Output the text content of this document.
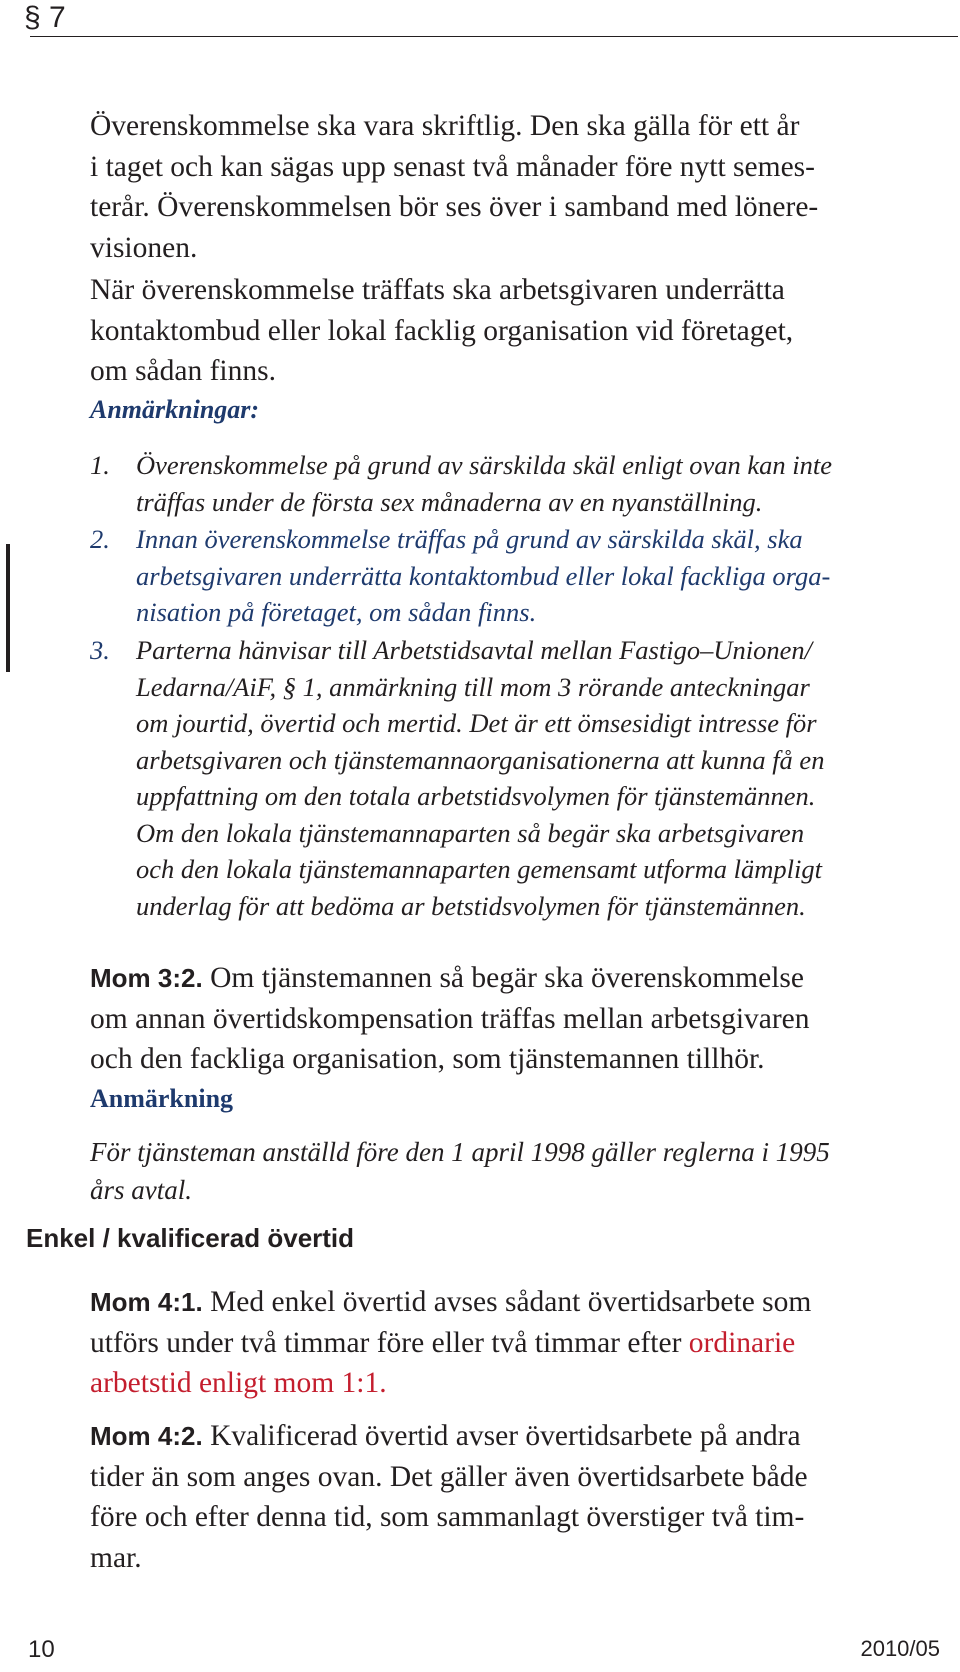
§ 7
Överenskommelse ska vara skriftlig. Den ska gälla för ett år
i taget och kan sägas upp senast två månader före nytt semes-
terår. Överenskommelsen bör ses över i samband med lönere-
visionen.
När överenskommelse träffats ska arbetsgivaren underrätta
kontaktombud eller lokal facklig organisation vid företaget,
om sådan finns.
Anmärkningar:
1. Överenskommelse på grund av särskilda skäl enligt ovan kan inte
träffas under de första sex månaderna av en nyanställning.
2. Innan överenskommelse träffas på grund av särskilda skäl, ska
arbetsgivaren underrätta kontaktombud eller lokal fackliga orga-
nisation på företaget, om sådan finns.
3. Parterna hänvisar till Arbetstidsavtal mellan Fastigo–Unionen/
Ledarna/AiF, § 1, anmärkning till mom 3 rörande anteckningar
om jourtid, övertid och mertid. Det är ett ömsesidigt intresse för
arbetsgivaren och tjänstemannaorganisationerna att kunna få en
uppfattning om den totala arbetstidsvolymen för tjänstemännen.
Om den lokala tjänstemannaparten så begär ska arbetsgivaren
och den lokala tjänstemannaparten gemensamt utforma lämpligt
underlag för att bedöma ar betstidsvolymen för tjänstemännen.
Mom 3:2. Om tjänstemannen så begär ska överenskommelse
om annan övertidskompensation träffas mellan arbetsgivaren
och den fackliga organisation, som tjänstemannen tillhör.
Anmärkning
För tjänsteman anställd före den 1 april 1998 gäller reglerna i 1995
års avtal.
Enkel / kvalificerad övertid
Mom 4:1. Med enkel övertid avses sådant övertidsarbete som
utförs under två timmar före eller två timmar efter ordinarie
arbetstid enligt mom 1:1.
Mom 4:2. Kvalificerad övertid avser övertidsarbete på andra
tider än som anges ovan. Det gäller även övertidsarbete både
före och efter denna tid, som sammanlagt överstiger två tim-
mar.
10	2010/05
